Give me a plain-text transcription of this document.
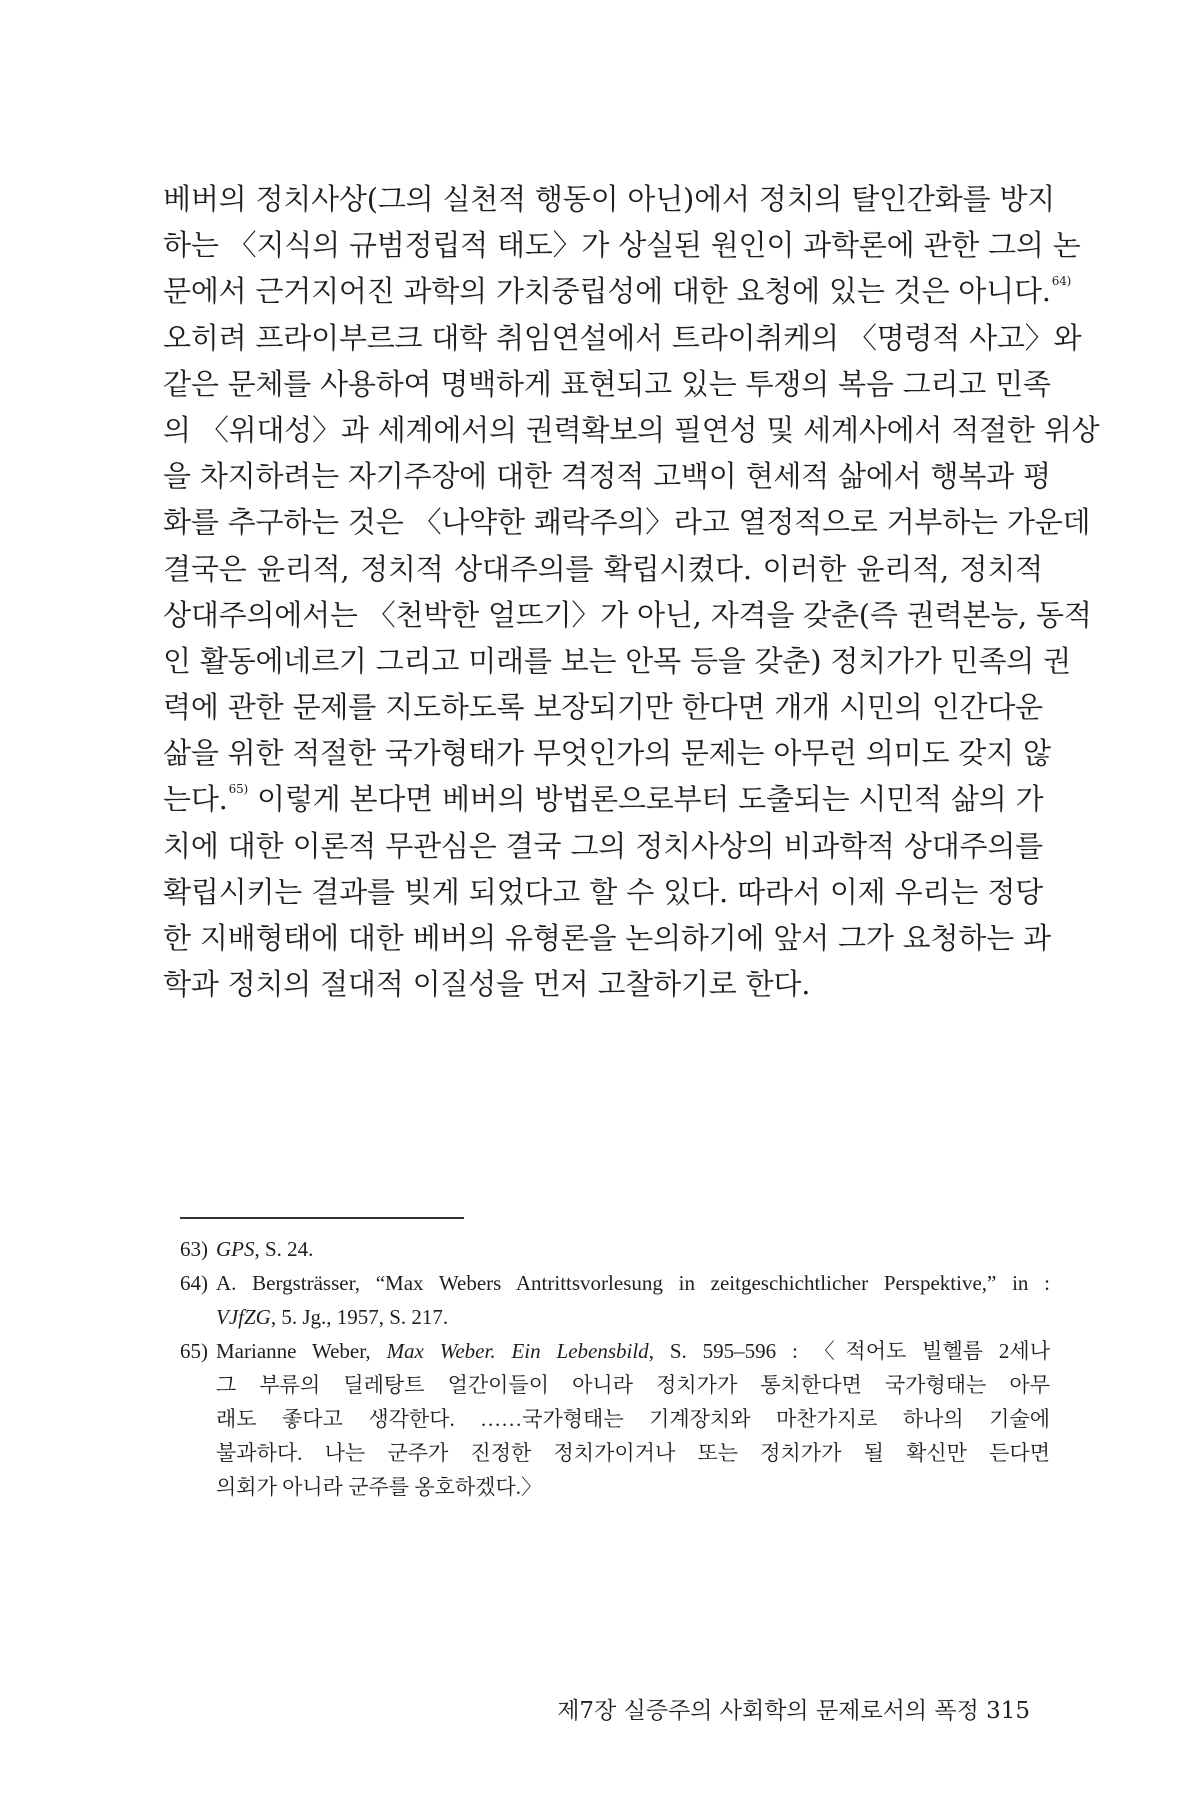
베버의 정치사상(그의 실천적 행동이 아닌)에서 정치의 탈인간화를 방지
하는 〈지식의 규범정립적 태도〉가 상실된 원인이 과학론에 관한 그의 논
문에서 근거지어진 과학의 가치중립성에 대한 요청에 있는 것은 아니다.$^{64)}$
오히려 프라이부르크 대학 취임연설에서 트라이취케의 〈명령적 사고〉와
같은 문체를 사용하여 명백하게 표현되고 있는 투쟁의 복음 그리고 민족
의 〈위대성〉과 세계에서의 권력확보의 필연성 및 세계사에서 적절한 위상
을 차지하려는 자기주장에 대한 격정적 고백이 현세적 삶에서 행복과 평
화를 추구하는 것은 〈나약한 쾌락주의〉라고 열정적으로 거부하는 가운데
결국은 윤리적, 정치적 상대주의를 확립시켰다. 이러한 윤리적, 정치적
상대주의에서는 〈천박한 얼뜨기〉가 아닌, 자격을 갖춘(즉 권력본능, 동적
인 활동에네르기 그리고 미래를 보는 안목 등을 갖춘) 정치가가 민족의 권
력에 관한 문제를 지도하도록 보장되기만 한다면 개개 시민의 인간다운
삶을 위한 적절한 국가형태가 무엇인가의 문제는 아무런 의미도 갖지 않
는다.$^{65)}$ 이렇게 본다면 베버의 방법론으로부터 도출되는 시민적 삶의 가
치에 대한 이론적 무관심은 결국 그의 정치사상의 비과학적 상대주의를
확립시키는 결과를 빚게 되었다고 할 수 있다. 따라서 이제 우리는 정당
한 지배형태에 대한 베버의 유형론을 논의하기에 앞서 그가 요청하는 과
학과 정치의 절대적 이질성을 먼저 고찰하기로 한다.
63) GPS, S. 24.
64) A. Bergsträsser, “Max Webers Antrittsvorlesung in zeitgeschichtlicher Perspektive,” in :
VJfZG, 5. Jg., 1957, S. 217.
65) Marianne Weber, Max Weber. Ein Lebensbild, S. 595–596 : 〈적어도 빌헬름 2세나
그 부류의 딜레탕트 얼간이들이 아니라 정치가가 통치한다면 국가형태는 아무
래도 좋다고 생각한다. ……국가형태는 기계장치와 마찬가지로 하나의 기술에
불과하다. 나는 군주가 진정한 정치가이거나 또는 정치가가 될 확신만 든다면
의회가 아니라 군주를 옹호하겠다.〉
제7장 실증주의 사회학의 문제로서의 폭정 315
